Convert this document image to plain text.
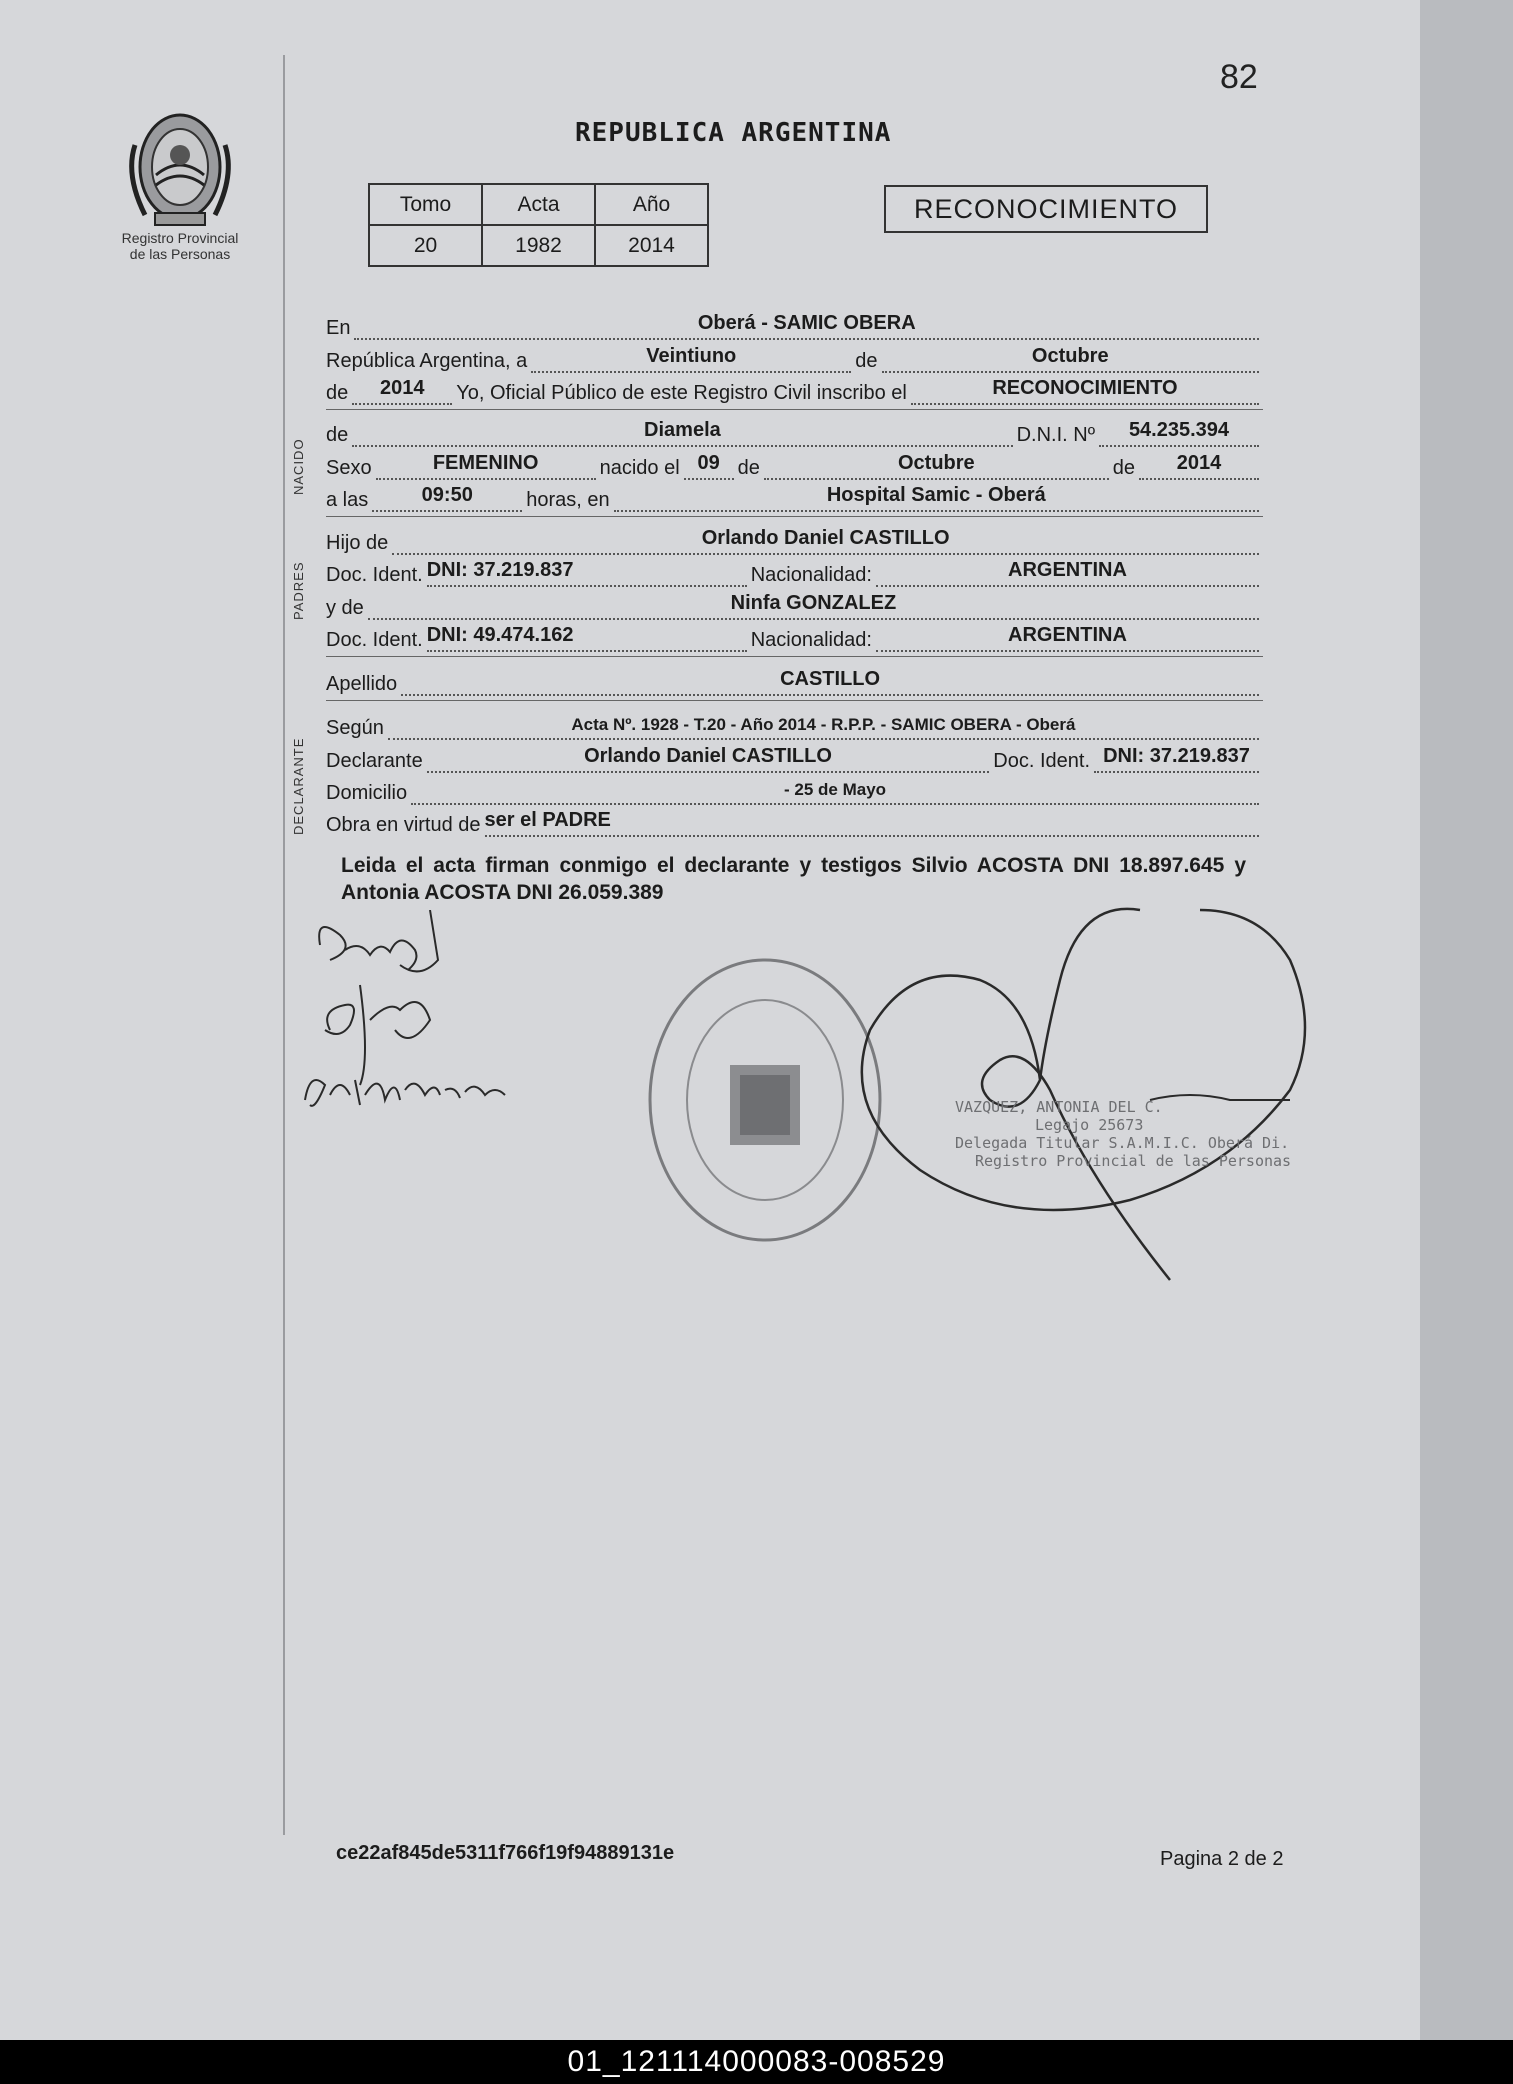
Registro Provincial
de las Personas
82
REPUBLICA ARGENTINA
Tomo	Acta	Año
20	1982	2014
RECONOCIMIENTO
En	Oberá - SAMIC OBERA
República Argentina, a	Veintiuno	de	Octubre
de	2014	Yo, Oficial Público de este Registro Civil inscribo el	RECONOCIMIENTO
NACIDO
de	Diamela	D.N.I. Nº	54.235.394
Sexo	FEMENINO	nacido el 09 de	Octubre	de	2014
a las	09:50	horas, en	Hospital Samic - Oberá
PADRES
Hijo de	Orlando Daniel CASTILLO
Doc. Ident. DNI: 37.219.837	Nacionalidad:	ARGENTINA
y de	Ninfa GONZALEZ
Doc. Ident. DNI: 49.474.162	Nacionalidad:	ARGENTINA
Apellido	CASTILLO
DECLARANTE
Según	Acta Nº. 1928 - T.20 - Año 2014 - R.P.P. - SAMIC OBERA - Oberá
Declarante	Orlando Daniel CASTILLO	Doc. Ident. DNI: 37.219.837
Domicilio	- 25 de Mayo
Obra en virtud de ser el PADRE
Leida el acta firman conmigo el declarante y testigos Silvio ACOSTA DNI 18.897.645 y Antonia ACOSTA DNI 26.059.389
VAZQUEZ, ANTONIA DEL C.
Legajo 25673
Delegada Titular S.A.M.I.C. Oberá Di.
Registro Provincial de las Personas
ce22af845de5311f766f19f94889131e	Pagina 2 de 2
01_121114000083-008529
